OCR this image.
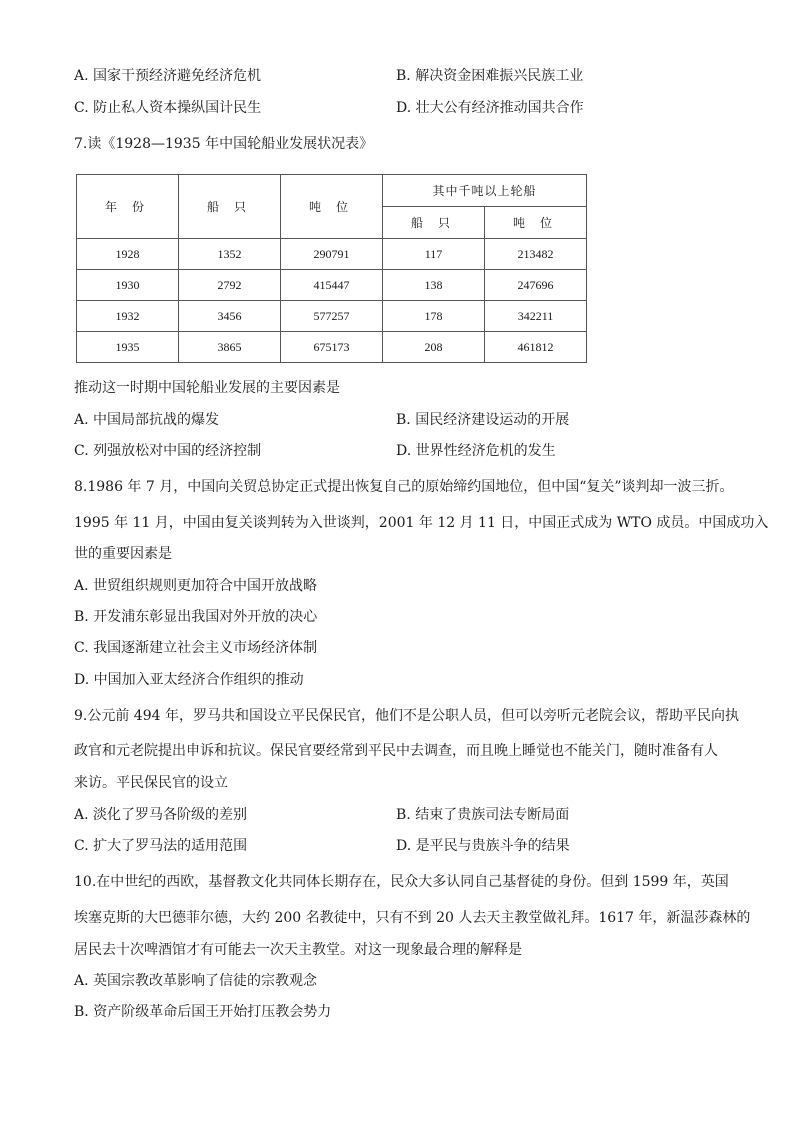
A. 国家干预经济避免经济危机	B. 解决资金困难振兴民族工业
C. 防止私人资本操纵国计民生	D. 壮大公有经济推动国共合作
7.读《1928—1935 年中国轮船业发展状况表》
年 份	船 只	吨 位	其中千吨以上轮船	
			船 只	吨 位
1928	1352	290791	117	213482
1930	2792	415447	138	247696
1932	3456	577257	178	342211
1935	3865	675173	208	461812
推动这一时期中国轮船业发展的主要因素是
A. 中国局部抗战的爆发	B. 国民经济建设运动的开展
C. 列强放松对中国的经济控制	D. 世界性经济危机的发生
8.1986 年 7 月，中国向关贸总协定正式提出恢复自己的原始缔约国地位，但中国“复关”谈判却一波三折。
1995 年 11 月，中国由复关谈判转为入世谈判，2001 年 12 月 11 日，中国正式成为 WTO 成员。中国成功入
世的重要因素是
A. 世贸组织规则更加符合中国开放战略
B. 开发浦东彰显出我国对外开放的决心
C. 我国逐渐建立社会主义市场经济体制
D. 中国加入亚太经济合作组织的推动
9.公元前 494 年，罗马共和国设立平民保民官，他们不是公职人员，但可以旁听元老院会议，帮助平民向执
政官和元老院提出申诉和抗议。保民官要经常到平民中去调查，而且晚上睡觉也不能关门，随时准备有人
来访。平民保民官的设立
A. 淡化了罗马各阶级的差别	B. 结束了贵族司法专断局面
C. 扩大了罗马法的适用范围	D. 是平民与贵族斗争的结果
10.在中世纪的西欧，基督教文化共同体长期存在，民众大多认同自己基督徒的身份。但到 1599 年，英国
埃塞克斯的大巴德菲尔德，大约 200 名教徒中，只有不到 20 人去天主教堂做礼拜。1617 年，新温莎森林的
居民去十次啤酒馆才有可能去一次天主教堂。对这一现象最合理的解释是
A. 英国宗教改革影响了信徒的宗教观念
B. 资产阶级革命后国王开始打压教会势力
